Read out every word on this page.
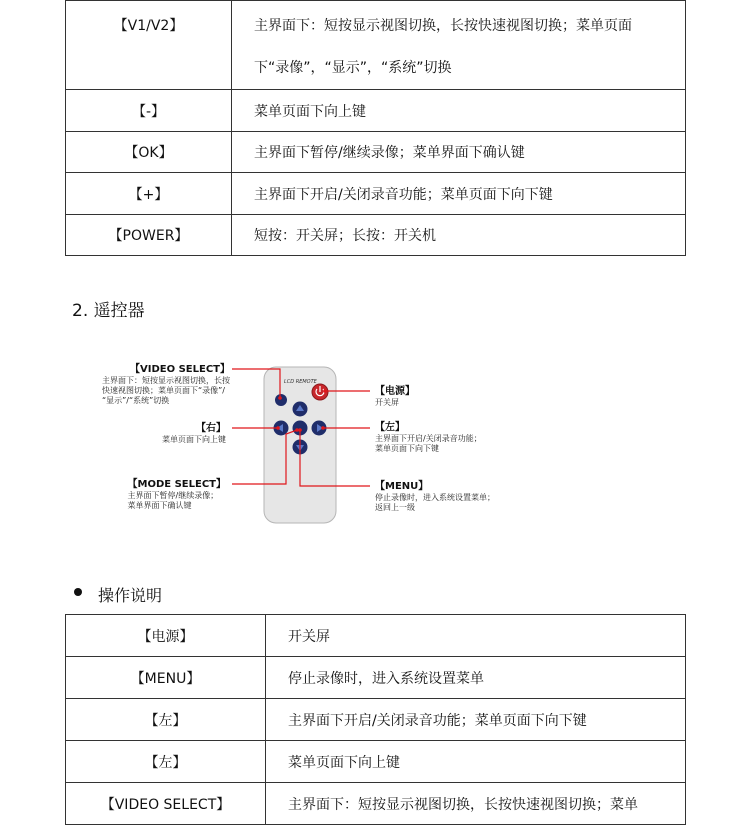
【V1/V2】	主界面下：短按显示视图切换，长按快速视图切换；菜单页面
下“录像”，“显示”，“系统”切换

【-】	菜单页面下向上键
【OK】	主界面下暂停/继续录像；菜单界面下确认键
【+】	主界面下开启/关闭录音功能；菜单页面下向下键
【POWER】	短按：开关屏；长按：开关机
2. 遥控器
LCD REMOTE
【VIDEO SELECT】
主界面下：短按显示视图切换，长按
快速视图切换；菜单页面下“录像”/
“显示”/“系统”切换
【右】
菜单页面下向上键
【MODE SELECT】
主界面下暂停/继续录像；
菜单界面下确认键
【电源】
开关屏
【左】
主界面下开启/关闭录音功能；
菜单页面下向下键
【MENU】
停止录像时，进入系统设置菜单；
返回上一级
操作说明
【电源】	开关屏
【MENU】	停止录像时，进入系统设置菜单
【左】	主界面下开启/关闭录音功能；菜单页面下向下键
【左】	菜单页面下向上键
【VIDEO SELECT】	主界面下：短按显示视图切换，长按快速视图切换；菜单
